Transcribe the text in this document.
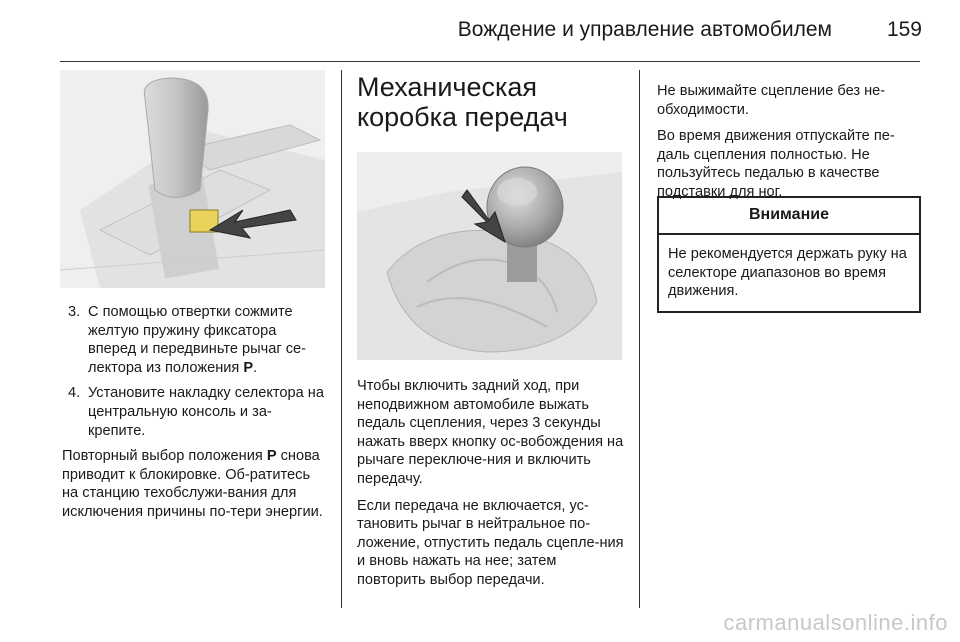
Вождение и управление автомобилем	159
3. С помощью отвертки сожмите желтую пружину фиксатора вперед и передвиньте рычаг се-лектора из положения P.
4. Установите накладку селектора на центральную консоль и за-крепите.

Повторный выбор положения P снова приводит к блокировке. Об-ратитесь на станцию техобслужи-вания для исключения причины по-тери энергии.

Механическая
коробка передач

Чтобы включить задний ход, при неподвижном автомобиле выжать педаль сцепления, через 3 секунды нажать вверх кнопку ос-вобождения на рычаге переключе-ния и включить передачу.

Если передача не включается, ус-тановить рычаг в нейтральное по-ложение, отпустить педаль сцепле-ния и вновь нажать на нее; затем повторить выбор передачи.

Не выжимайте сцепление без не-обходимости.

Во время движения отпускайте пе-даль сцепления полностью. Не пользуйтесь педалью в качестве подставки для ног.

Внимание
Не рекомендуется держать руку на селекторе диапазонов во время движения.
carmanualsonline.info
